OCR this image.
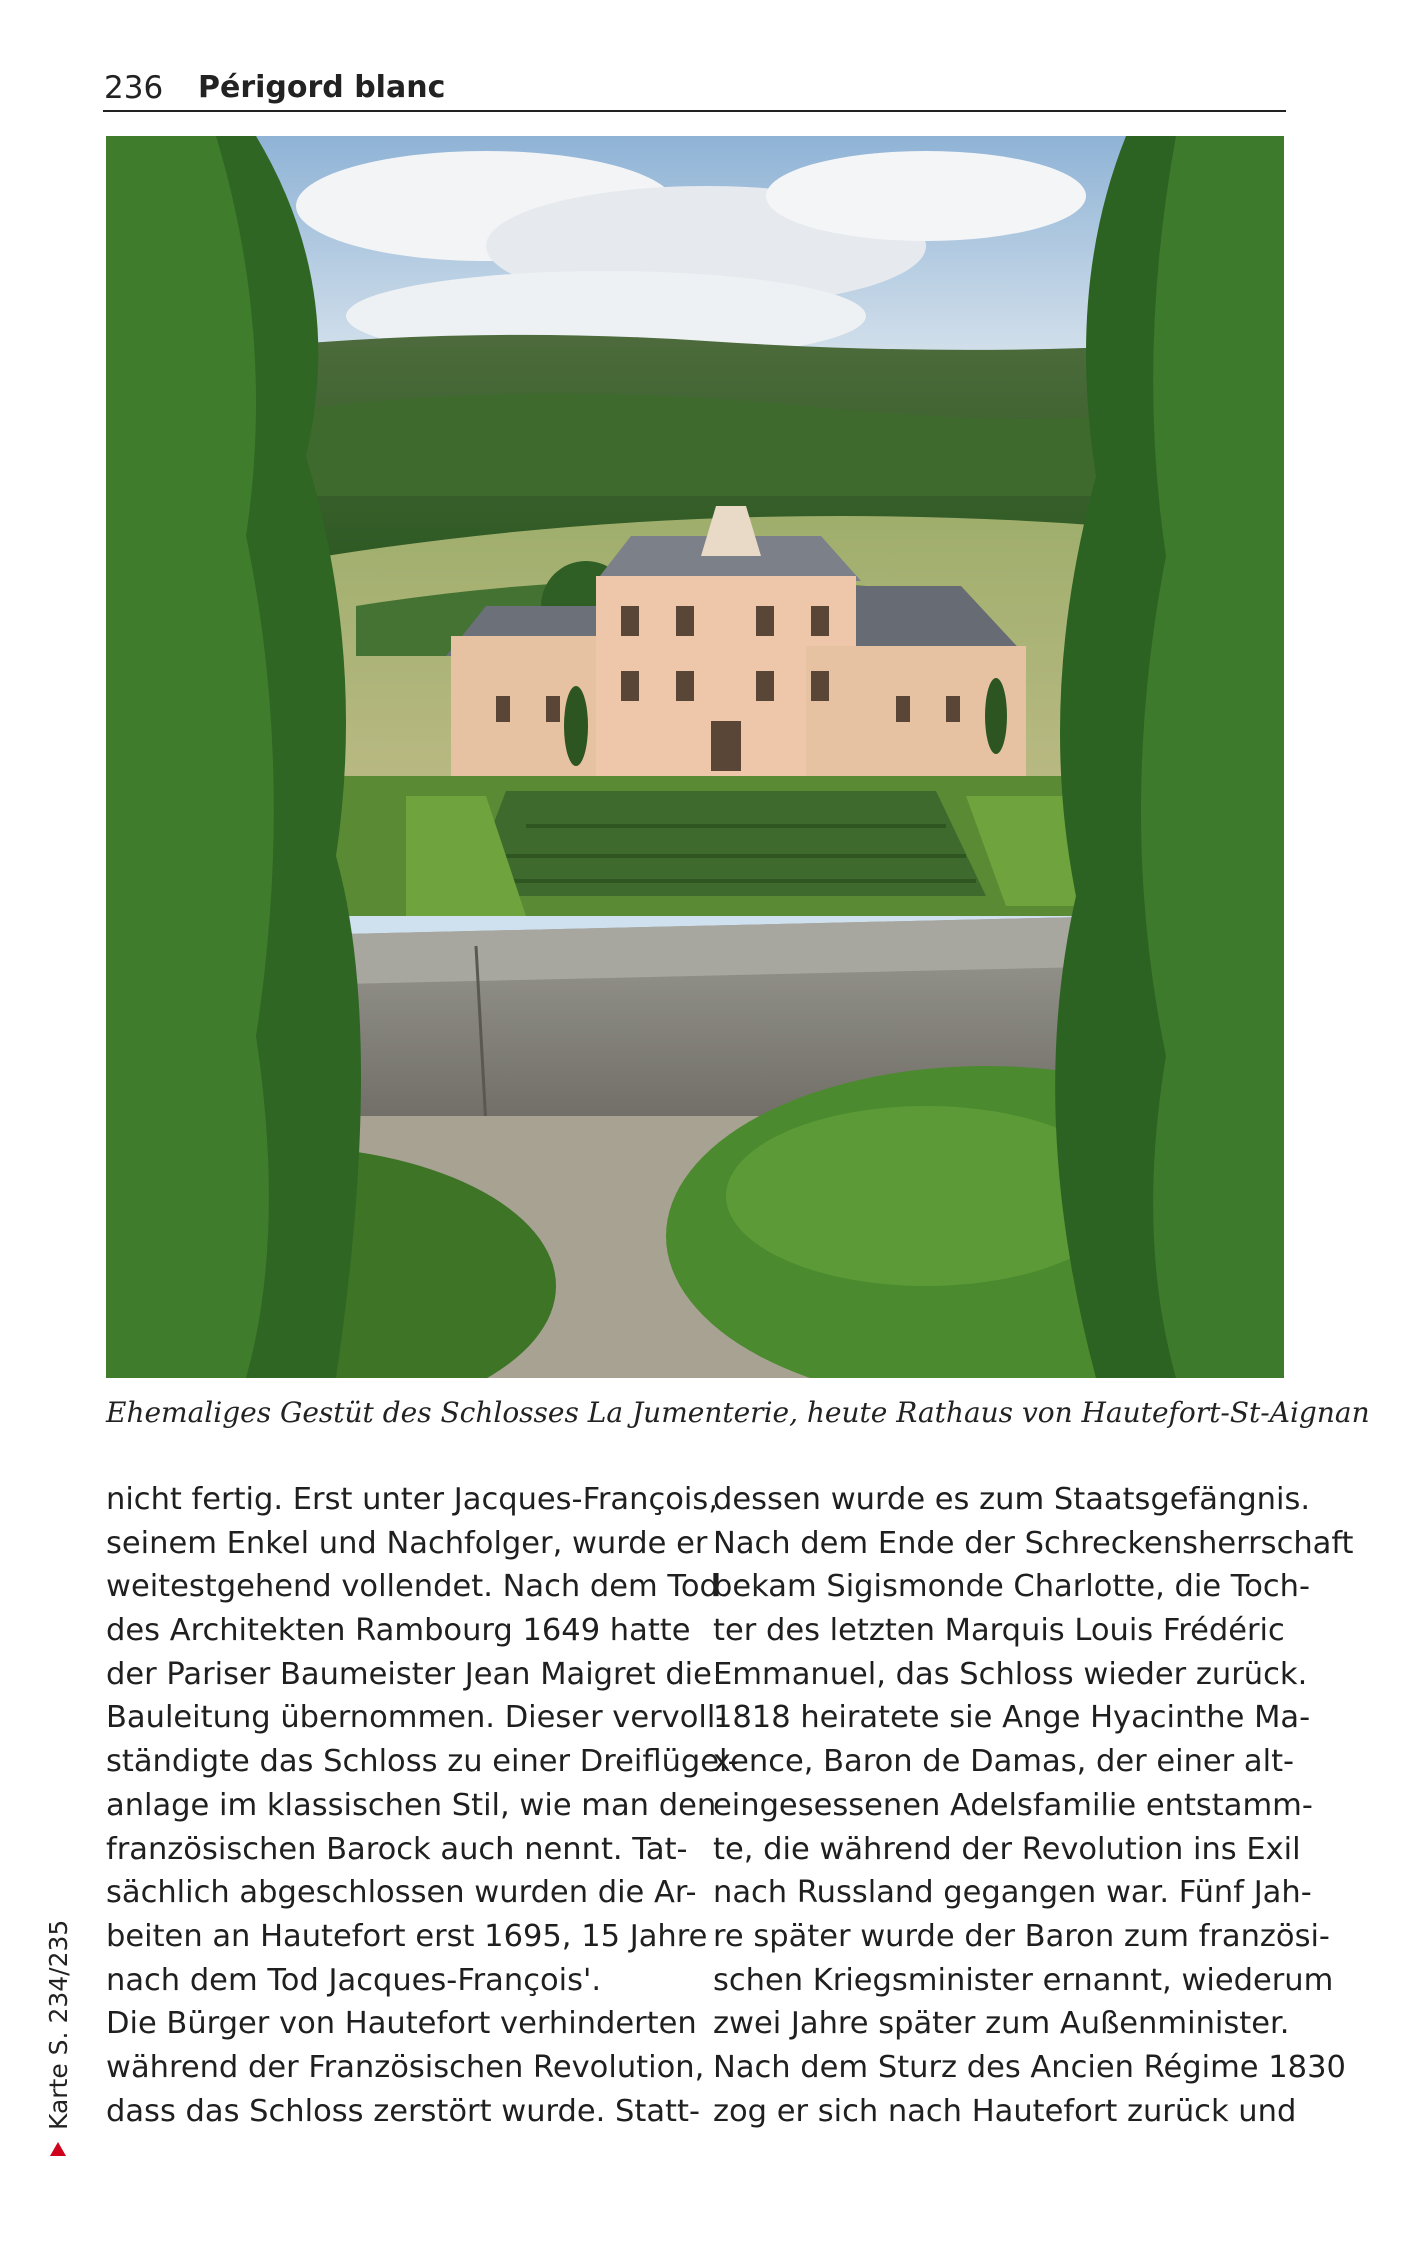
236 Périgord blanc
Ehemaliges Gestüt des Schlosses La Jumenterie, heute Rathaus von Hautefort-St-Aignan
nicht fertig. Erst unter Jacques-François,
seinem Enkel und Nachfolger, wurde er
weitestgehend vollendet. Nach dem Tod
des Architekten Rambourg 1649 hatte
der Pariser Baumeister Jean Maigret die
Bauleitung übernommen. Dieser vervoll-
ständigte das Schloss zu einer Dreiflügel-
anlage im klassischen Stil, wie man den
französischen Barock auch nennt. Tat-
sächlich abgeschlossen wurden die Ar-
beiten an Hautefort erst 1695, 15 Jahre
nach dem Tod Jacques-François'.
Die Bürger von Hautefort verhinderten
während der Französischen Revolution,
dass das Schloss zerstört wurde. Statt-
dessen wurde es zum Staatsgefängnis.
Nach dem Ende der Schreckensherrschaft
bekam Sigismonde Charlotte, die Toch-
ter des letzten Marquis Louis Frédéric
Emmanuel, das Schloss wieder zurück.
1818 heiratete sie Ange Hyacinthe Ma-
xence, Baron de Damas, der einer alt-
eingesessenen Adelsfamilie entstamm-
te, die während der Revolution ins Exil
nach Russland gegangen war. Fünf Jah-
re später wurde der Baron zum französi-
schen Kriegsminister ernannt, wiederum
zwei Jahre später zum Außenminister.
Nach dem Sturz des Ancien Régime 1830
zog er sich nach Hautefort zurück und
Karte S. 234/235
